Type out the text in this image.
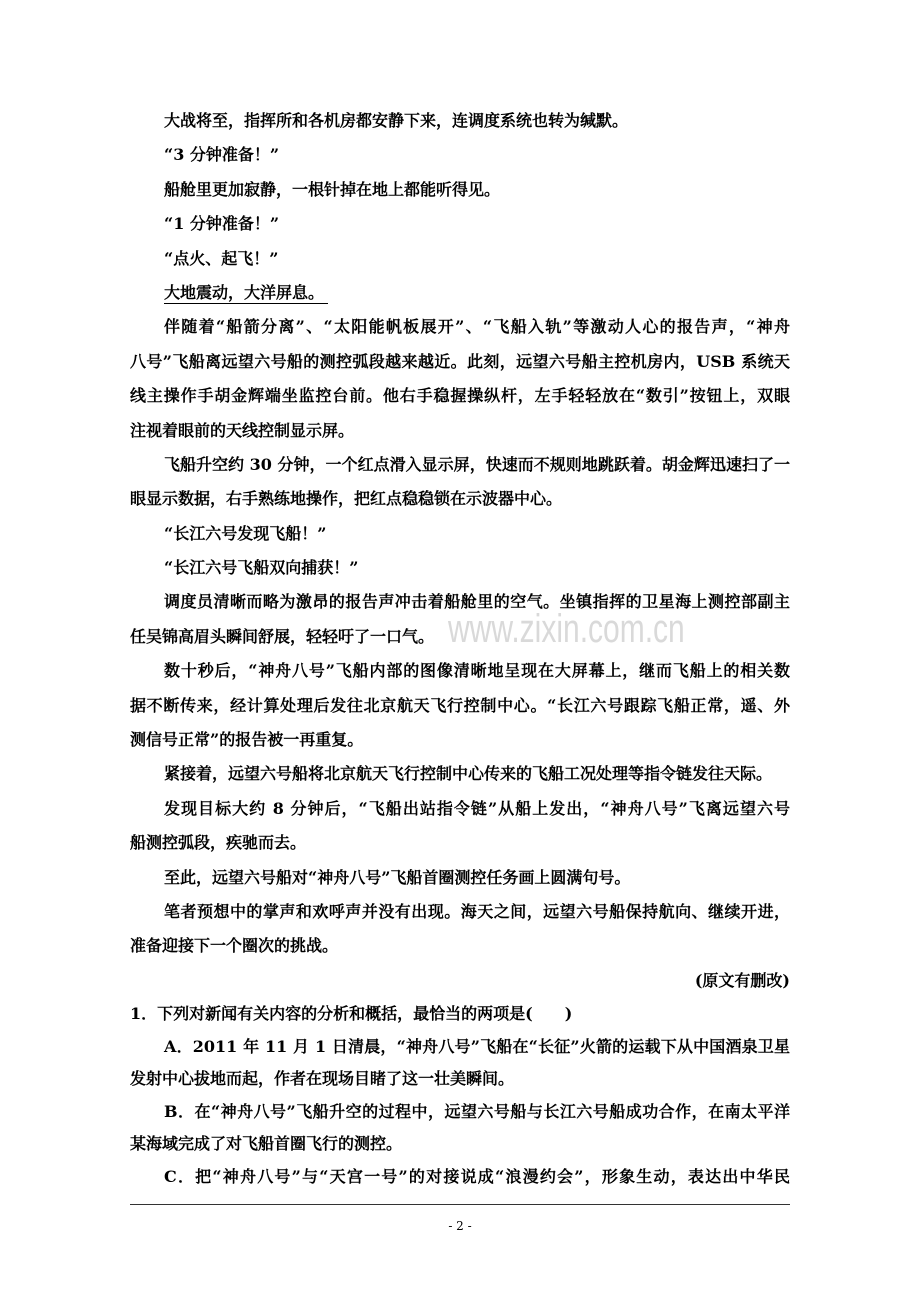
www.zixin.com.cn
大战将至，指挥所和各机房都安静下来，连调度系统也转为缄默。
“3 分钟准备！”
船舱里更加寂静，一根针掉在地上都能听得见。
“1 分钟准备！”
“点火、起飞！”
大地震动，大洋屏息。
伴随着“船箭分离”、“太阳能帆板展开”、“飞船入轨”等激动人心的报告声，“神舟
八号”飞船离远望六号船的测控弧段越来越近。此刻，远望六号船主控机房内，USB 系统天
线主操作手胡金辉端坐监控台前。他右手稳握操纵杆，左手轻轻放在“数引”按钮上，双眼
注视着眼前的天线控制显示屏。
飞船升空约 30 分钟，一个红点滑入显示屏，快速而不规则地跳跃着。胡金辉迅速扫了一
眼显示数据，右手熟练地操作，把红点稳稳锁在示波器中心。
“长江六号发现飞船！”
“长江六号飞船双向捕获！”
调度员清晰而略为激昂的报告声冲击着船舱里的空气。坐镇指挥的卫星海上测控部副主
任吴锦高眉头瞬间舒展，轻轻吁了一口气。
数十秒后，“神舟八号”飞船内部的图像清晰地呈现在大屏幕上，继而飞船上的相关数
据不断传来，经计算处理后发往北京航天飞行控制中心。“长江六号跟踪飞船正常，遥、外
测信号正常”的报告被一再重复。
紧接着，远望六号船将北京航天飞行控制中心传来的飞船工况处理等指令链发往天际。
发现目标大约 8 分钟后，“飞船出站指令链”从船上发出，“神舟八号”飞离远望六号
船测控弧段，疾驰而去。
至此，远望六号船对“神舟八号”飞船首圈测控任务画上圆满句号。
笔者预想中的掌声和欢呼声并没有出现。海天之间，远望六号船保持航向、继续开进，
准备迎接下一个圈次的挑战。
(原文有删改)
1．下列对新闻有关内容的分析和概括，最恰当的两项是(　　)
A．2011 年 11 月 1 日清晨，“神舟八号”飞船在“长征”火箭的运载下从中国酒泉卫星
发射中心拔地而起，作者在现场目睹了这一壮美瞬间。
B．在“神舟八号”飞船升空的过程中，远望六号船与长江六号船成功合作，在南太平洋
某海域完成了对飞船首圈飞行的测控。
C．把“神舟八号”与“天宫一号”的对接说成“浪漫约会”，形象生动，表达出中华民
- 2 -
